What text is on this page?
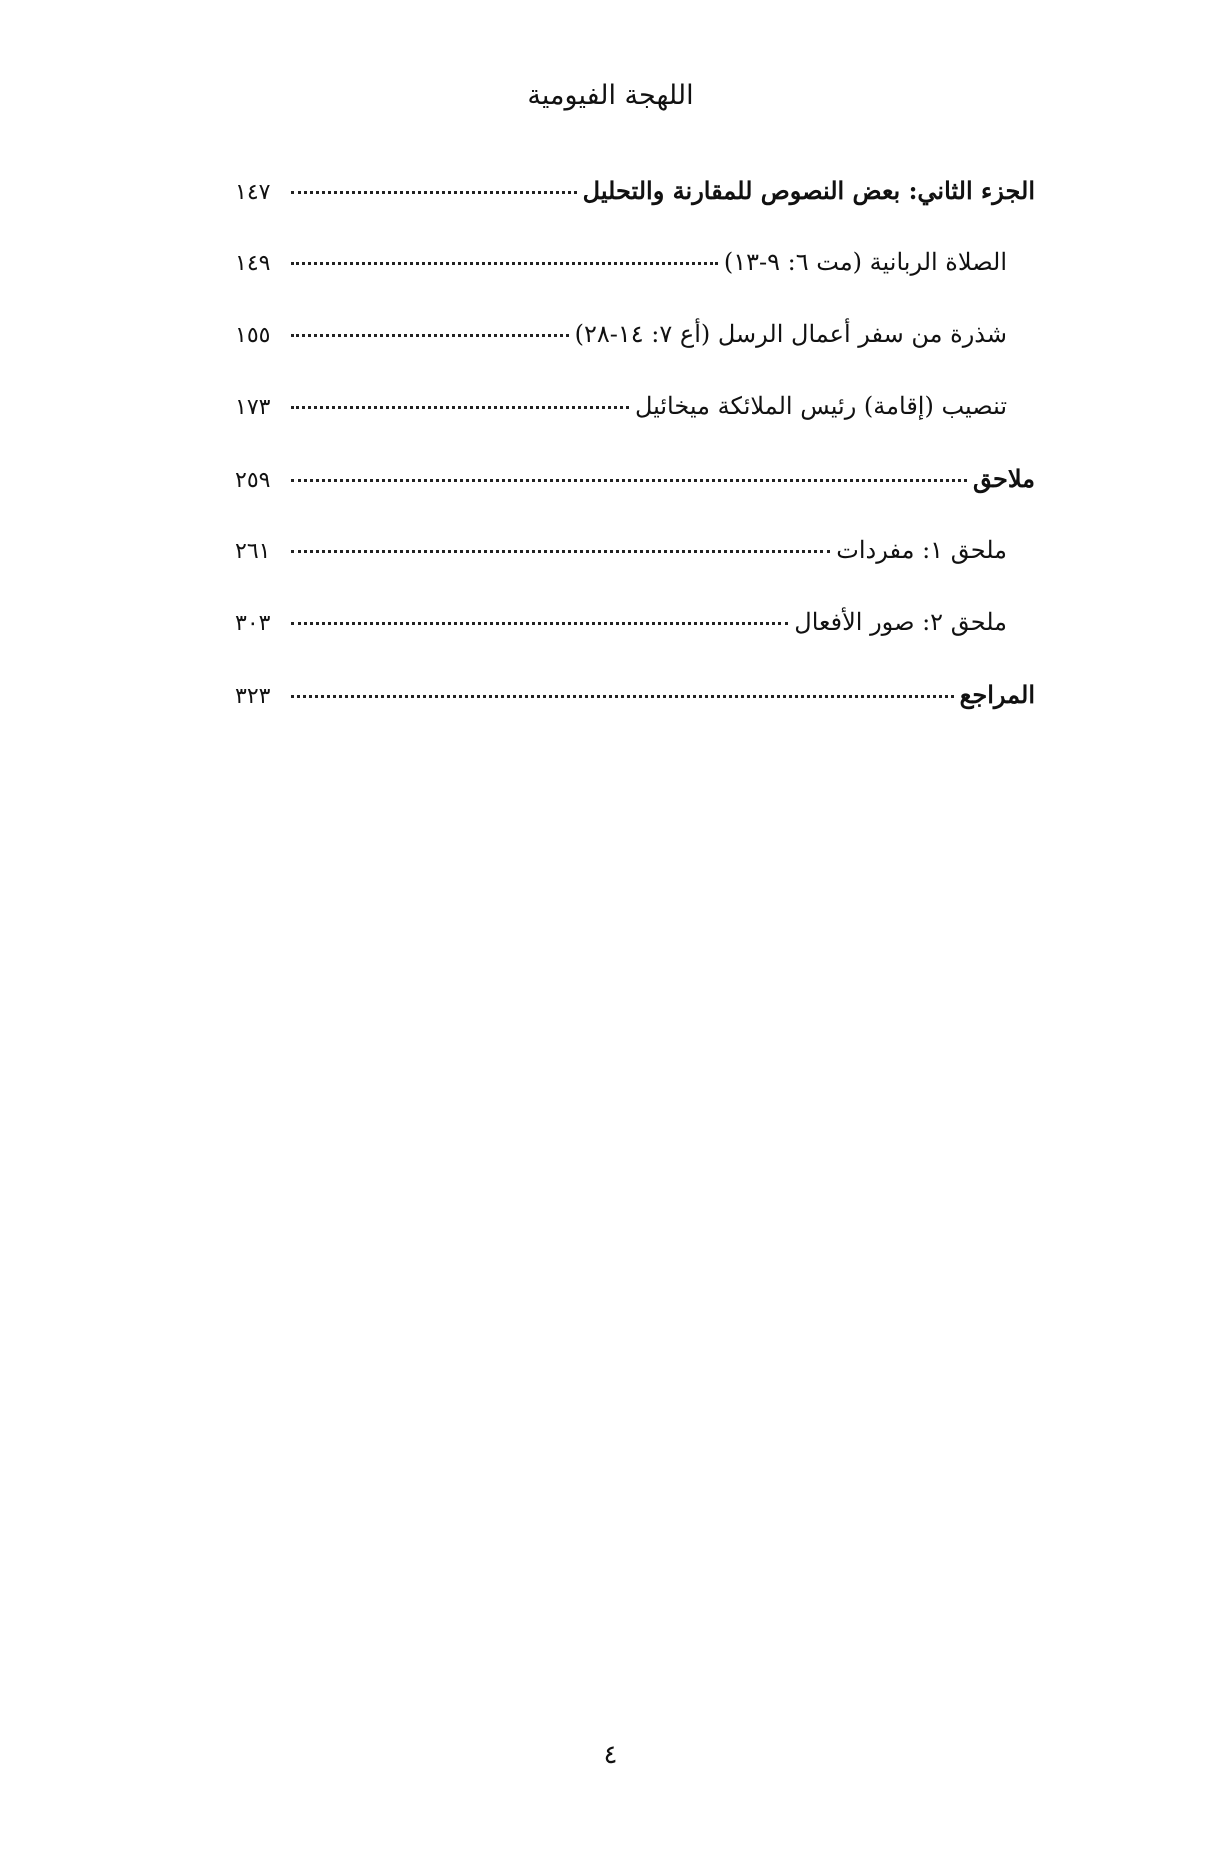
اللهجة الفيومية
الجزء الثاني: بعض النصوص للمقارنة والتحليل
١٤٧
الصلاة الربانية (مت ٦: ٩-١٣)
١٤٩
شذرة من سفر أعمال الرسل (أع ٧: ١٤-٢٨)
١٥٥
تنصيب (إقامة) رئيس الملائكة ميخائيل
١٧٣
ملاحق
٢٥٩
ملحق ١: مفردات
٢٦١
ملحق ٢: صور الأفعال
٣٠٣
المراجع
٣٢٣
٤
